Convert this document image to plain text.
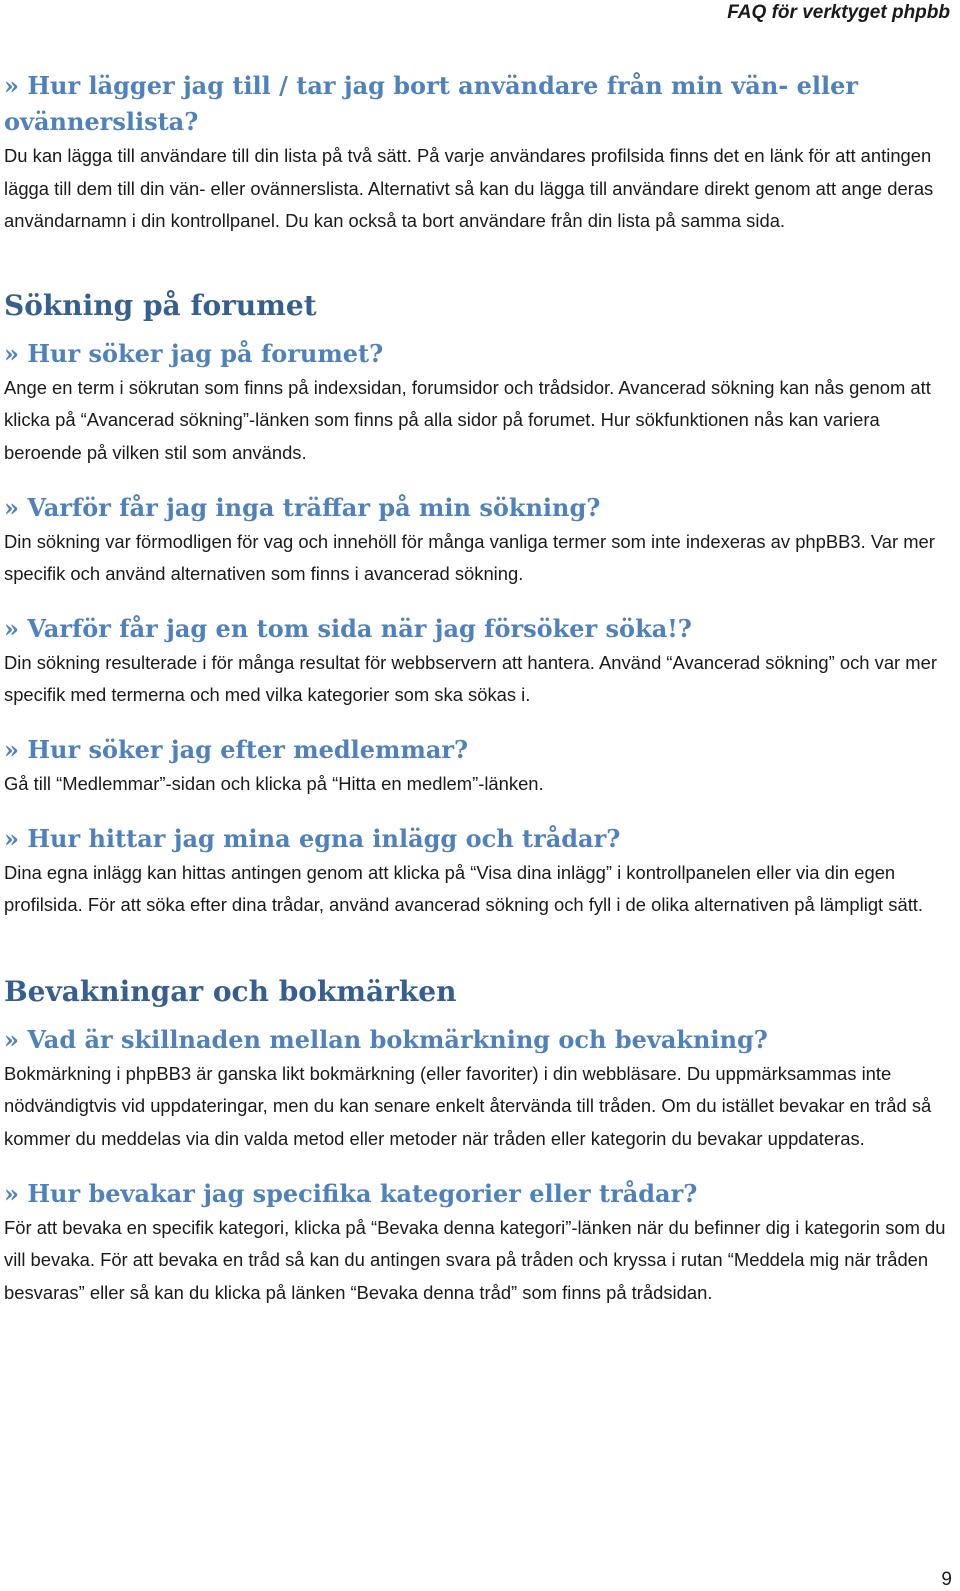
FAQ för verktyget phpbb
» Hur lägger jag till / tar jag bort användare från min vän- eller ovännerslista?

Du kan lägga till användare till din lista på två sätt. På varje användares profilsida finns det en länk för att antingen lägga till dem till din vän- eller ovännerslista. Alternativt så kan du lägga till användare direkt genom att ange deras användarnamn i din kontrollpanel. Du kan också ta bort användare från din lista på samma sida.

Sökning på forumet
» Hur söker jag på forumet?

Ange en term i sökrutan som finns på indexsidan, forumsidor och trådsidor. Avancerad sökning kan nås genom att klicka på “Avancerad sökning”-länken som finns på alla sidor på forumet. Hur sökfunktionen nås kan variera beroende på vilken stil som används.

» Varför får jag inga träffar på min sökning?

Din sökning var förmodligen för vag och innehöll för många vanliga termer som inte indexeras av phpBB3. Var mer specifik och använd alternativen som finns i avancerad sökning.

» Varför får jag en tom sida när jag försöker söka!?

Din sökning resulterade i för många resultat för webbservern att hantera. Använd “Avancerad sökning” och var mer specifik med termerna och med vilka kategorier som ska sökas i.

» Hur söker jag efter medlemmar?

Gå till “Medlemmar”-sidan och klicka på “Hitta en medlem”-länken.

» Hur hittar jag mina egna inlägg och trådar?

Dina egna inlägg kan hittas antingen genom att klicka på “Visa dina inlägg” i kontrollpanelen eller via din egen profilsida. För att söka efter dina trådar, använd avancerad sökning och fyll i de olika alternativen på lämpligt sätt.

Bevakningar och bokmärken
» Vad är skillnaden mellan bokmärkning och bevakning?

Bokmärkning i phpBB3 är ganska likt bokmärkning (eller favoriter) i din webbläsare. Du uppmärksammas inte nödvändigtvis vid uppdateringar, men du kan senare enkelt återvända till tråden. Om du istället bevakar en tråd så kommer du meddelas via din valda metod eller metoder när tråden eller kategorin du bevakar uppdateras.

» Hur bevakar jag specifika kategorier eller trådar?

För att bevaka en specifik kategori, klicka på “Bevaka denna kategori”-länken när du befinner dig i kategorin som du vill bevaka. För att bevaka en tråd så kan du antingen svara på tråden och kryssa i rutan “Meddela mig när tråden besvaras” eller så kan du klicka på länken “Bevaka denna tråd” som finns på trådsidan.

9
